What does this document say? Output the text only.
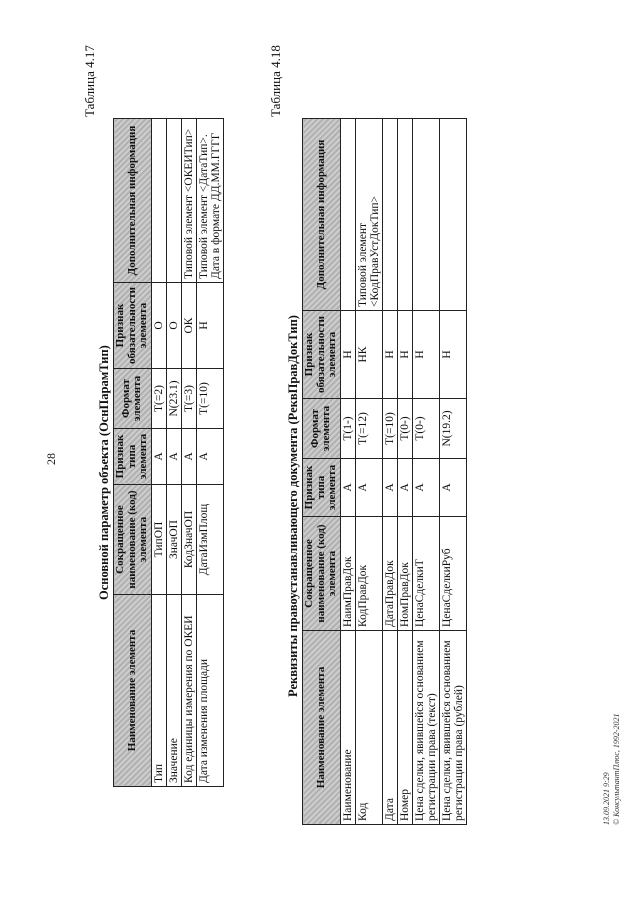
28
Таблица 4.17
Основной параметр объекта (ОснПарамТип)
Наименование элемента	Сокращенное наименование (код) элемента	Признак типа элемента	Формат элемента	Признак обязательности элемента	Дополнительная информация
Тип	ТипОП	А	Т(=2)	О	
Значение	ЗначОП	А	N(23.1)	О	
Код единицы измерения по ОКЕИ	КодЗначОП	А	Т(=3)	ОК	Типовой элемент <ОКЕИТип>
Дата изменения площади	ДатаИзмПлощ	А	Т(=10)	Н	Типовой элемент <ДатаТип>. Дата в формате ДД.ММ.ГГГГ
Таблица 4.18
Реквизиты правоустанавливающего документа (РеквПравДокТип)
Наименование элемента	Сокращенное наименование (код) элемента	Признак типа элемента	Формат элемента	Признак обязательности элемента	Дополнительная информация
Наименование	НаимПравДок	А	Т(1-)	Н	
Код	КодПравДок	А	Т(=12)	НК	Типовой элемент <КодПравУстДокТип>
Дата	ДатаПравДок	А	Т(=10)	Н	
Номер	НомПравДок	А	Т(0-)	Н	
Цена сделки, явившейся основанием регистрации права (текст)	ЦенаСделкиТ	А	Т(0-)	Н	
Цена сделки, явившейся основанием регистрации права (рублей)	ЦенаСделкиРуб	А	N(19.2)	Н	
13.09.2021 9:29 © КонсультантПлюс, 1992-2021
